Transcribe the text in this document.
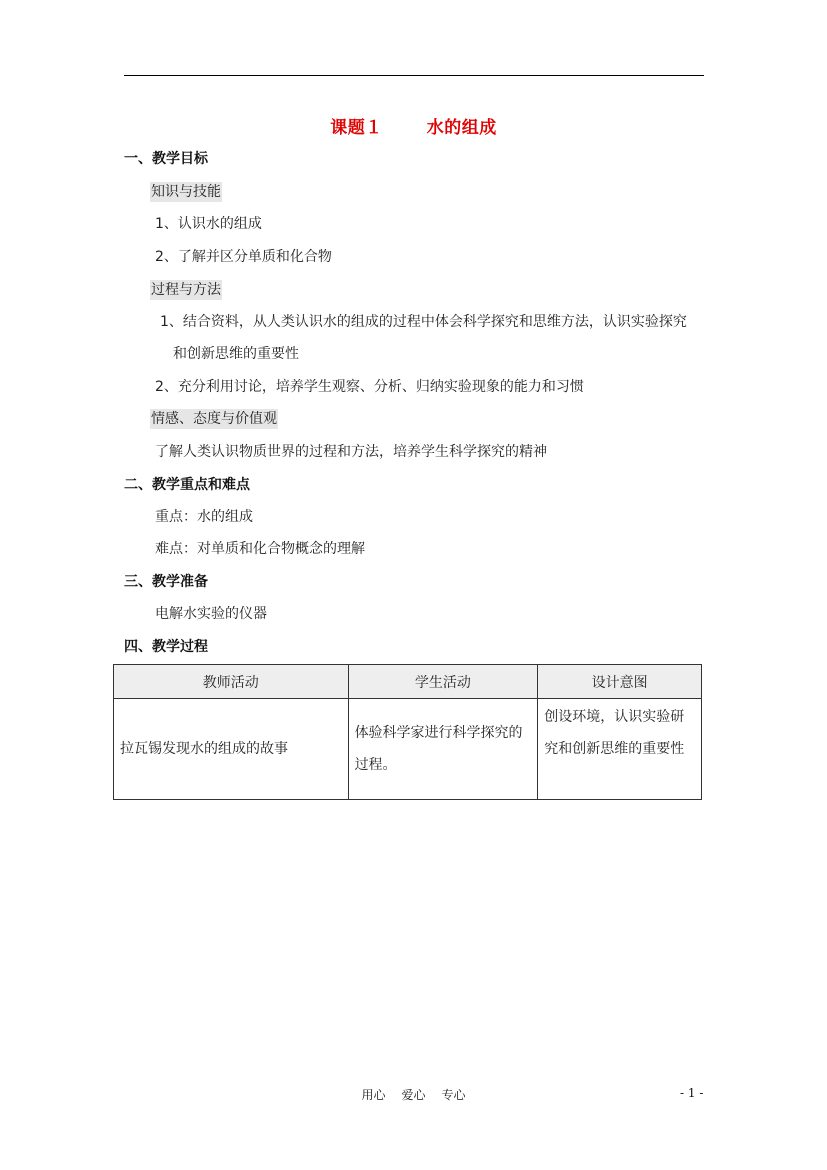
课题１	水的组成
一、教学目标
知识与技能
1、认识水的组成
2、了解并区分单质和化合物
过程与方法
1、结合资料，从人类认识水的组成的过程中体会科学探究和思维方法，认识实验探究
和创新思维的重要性
2、充分利用讨论，培养学生观察、分析、归纳实验现象的能力和习惯
情感、态度与价值观
了解人类认识物质世界的过程和方法，培养学生科学探究的精神
二、教学重点和难点
重点：水的组成
难点：对单质和化合物概念的理解
三、教学准备
电解水实验的仪器
四、教学过程
教师活动	学生活动	设计意图
拉瓦锡发现水的组成的故事	体验科学家进行科学探究的过程。	创设环境，认识实验研究和创新思维的重要性
用心 爱心 专心	- 1 -
